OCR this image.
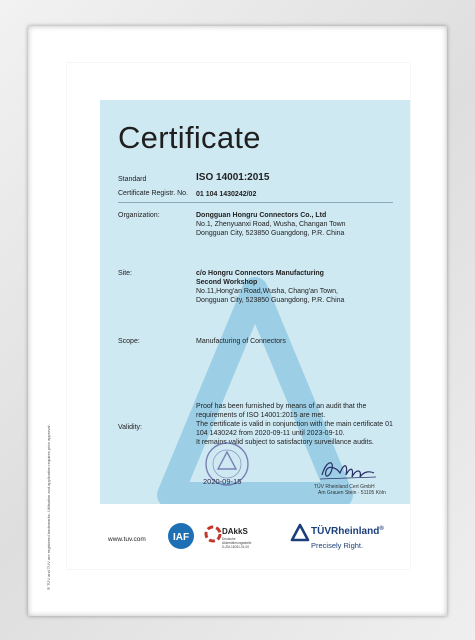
Certificate
Standard	ISO 14001:2015
Certificate Registr. No. 01 104 1430242/02
Organization:	Dongguan Hongru Connectors Co., Ltd
No.1, Zhenyuanxi Road, Wusha, Changan Town
Dongguan City, 523850 Guangdong, P.R. China
Site:	c/o Hongru Connectors Manufacturing
Second Workshop
No.11,Hong'an Road,Wusha, Chang'an Town,
Dongguan City, 523850 Guangdong, P.R. China
Scope:	Manufacturing of Connectors
Validity:
Proof has been furnished by means of an audit that the
requirements of ISO 14001:2015 are met.
The certificate is valid in conjunction with the main certificate 01
104 1430242 from 2020-09-11 until 2023-09-10.
It remains valid subject to satisfactory surveillance audits.
2020-09-15
TÜV Rheinland Cert GmbH
Am Grauen Stein · 51105 Köln
® TÜV and TUV are registered trademarks. Utilisation and application requires prior approval.	www.tuv.com	IAF
DAkkS
Deutsche
Akkreditierungsstelle
D-ZM-16031-01-00
TÜVRheinland®
Precisely Right.
